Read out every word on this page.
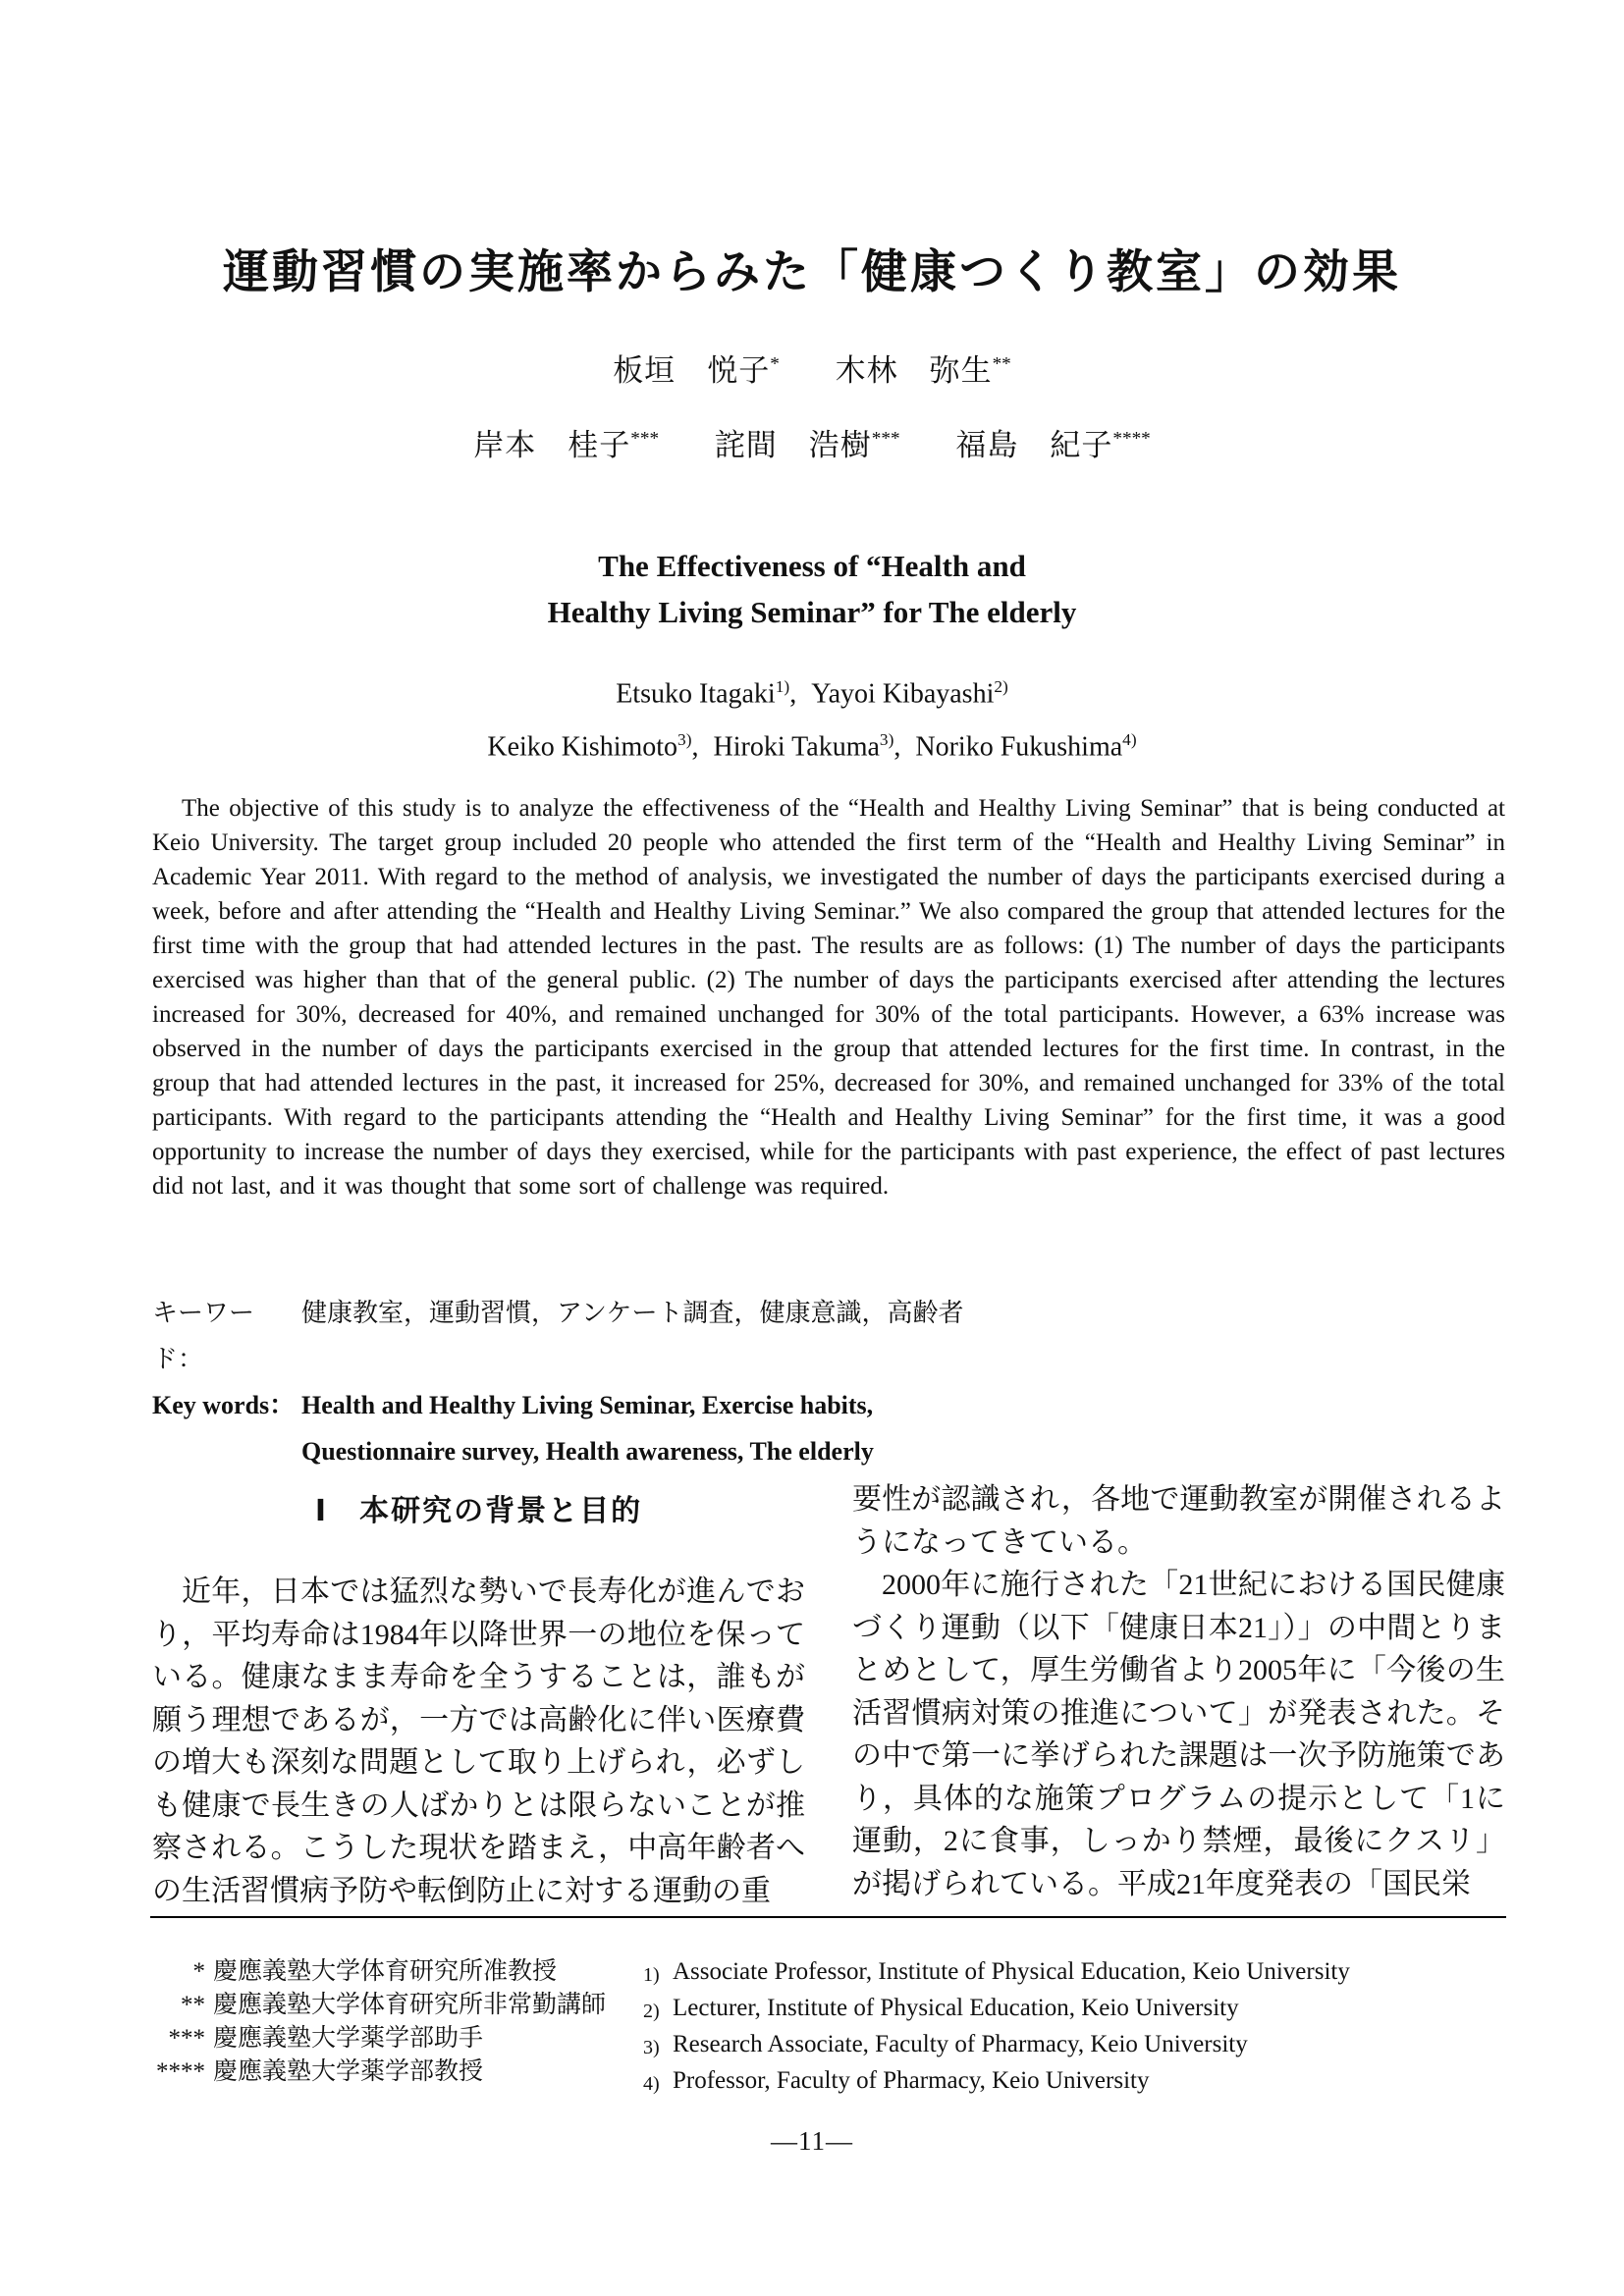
運動習慣の実施率からみた「健康つくり教室」の効果
板垣　悦子* 木林　弥生**
岸本　桂子*** 詫間　浩樹*** 福島　紀子****
The Effectiveness of “Health and
Healthy Living Seminar” for The elderly
Etsuko Itagaki$^{1)}$, Yayoi Kibayashi$^{2)}$
Keiko Kishimoto$^{3)}$, Hiroki Takuma$^{3)}$, Noriko Fukushima$^{4)}$

The objective of this study is to analyze the effectiveness of the “Health and Healthy Living Seminar” that is being conducted at Keio University. The target group included 20 people who attended the first term of the “Health and Healthy Living Seminar” in Academic Year 2011. With regard to the method of analysis, we investigated the number of days the participants exercised during a week, before and after attending the “Health and Healthy Living Seminar.” We also compared the group that attended lectures for the first time with the group that had attended lectures in the past. The results are as follows: (1) The number of days the participants exercised was higher than that of the general public. (2) The number of days the participants exercised after attending the lectures increased for 30%, decreased for 40%, and remained unchanged for 30% of the total participants. However, a 63% increase was observed in the number of days the participants exercised in the group that attended lectures for the first time. In contrast, in the group that had attended lectures in the past, it increased for 25%, decreased for 30%, and remained unchanged for 33% of the total participants. With regard to the participants attending the “Health and Healthy Living Seminar” for the first time, it was a good opportunity to increase the number of days they exercised, while for the participants with past experience, the effect of past lectures did not last, and it was thought that some sort of challenge was required.

キーワード：
健康教室，運動習慣，アンケート調査，健康意識，高齢者
Key words： Health and Healthy Living Seminar, Exercise habits,
Questionnaire survey, Health awareness, The elderly
Ⅰ　本研究の背景と目的

近年，日本では猛烈な勢いで長寿化が進んでおり，平均寿命は1984年以降世界一の地位を保っている。健康なまま寿命を全うすることは，誰もが願う理想であるが，一方では高齢化に伴い医療費の増大も深刻な問題として取り上げられ，必ずしも健康で長生きの人ばかりとは限らないことが推察される。こうした現状を踏まえ，中高年齢者への生活習慣病予防や転倒防止に対する運動の重

要性が認識され，各地で運動教室が開催されるようになってきている。

2000年に施行された「21世紀における国民健康づくり運動（以下「健康日本21」）」の中間とりまとめとして，厚生労働省より2005年に「今後の生活習慣病対策の推進について」が発表された。その中で第一に挙げられた課題は一次予防施策であり，具体的な施策プログラムの提示として「1に運動，2に食事，しっかり禁煙，最後にクスリ」が掲げられている。平成21年度発表の「国民栄

* 慶應義塾大学体育研究所准教授
** 慶應義塾大学体育研究所非常勤講師
*** 慶應義塾大学薬学部助手
**** 慶應義塾大学薬学部教授
1) Associate Professor, Institute of Physical Education, Keio University
2) Lecturer, Institute of Physical Education, Keio University
3) Research Associate, Faculty of Pharmacy, Keio University
4) Professor, Faculty of Pharmacy, Keio University
—11—
